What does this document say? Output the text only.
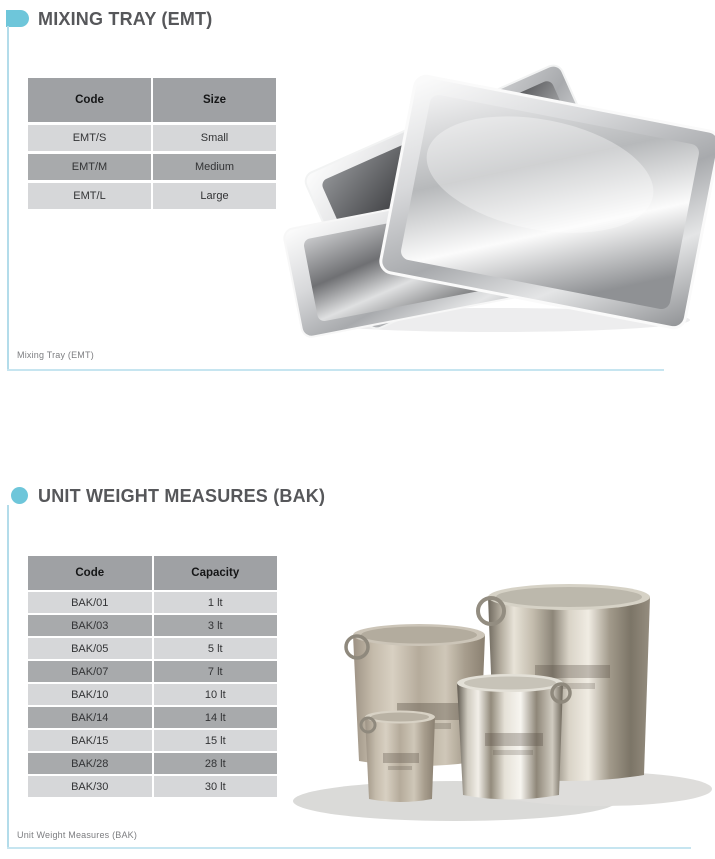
MIXING TRAY (EMT)
Code	Size
EMT/S	Small
EMT/M	Medium
EMT/L	Large
Mixing Tray (EMT)
UNIT WEIGHT MEASURES (BAK)
Code	Capacity
BAK/01	1 lt
BAK/03	3 lt
BAK/05	5 lt
BAK/07	7 lt
BAK/10	10 lt
BAK/14	14 lt
BAK/15	15 lt
BAK/28	28 lt
BAK/30	30 lt
Unit Weight Measures (BAK)
